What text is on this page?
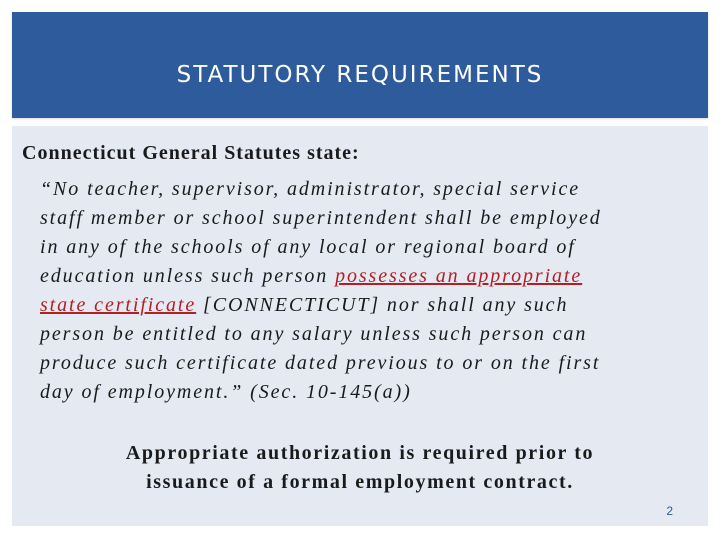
STATUTORY REQUIREMENTS
Connecticut General Statutes state:
“No teacher, supervisor, administrator, special service
staff member or school superintendent shall be employed
in any of the schools of any local or regional board of
education unless such person possesses an appropriate
state certificate [CONNECTICUT] nor shall any such
person be entitled to any salary unless such person can
produce such certificate dated previous to or on the first
day of employment.” (Sec. 10-145(a))
Appropriate authorization is required prior to
issuance of a formal employment contract.
2
